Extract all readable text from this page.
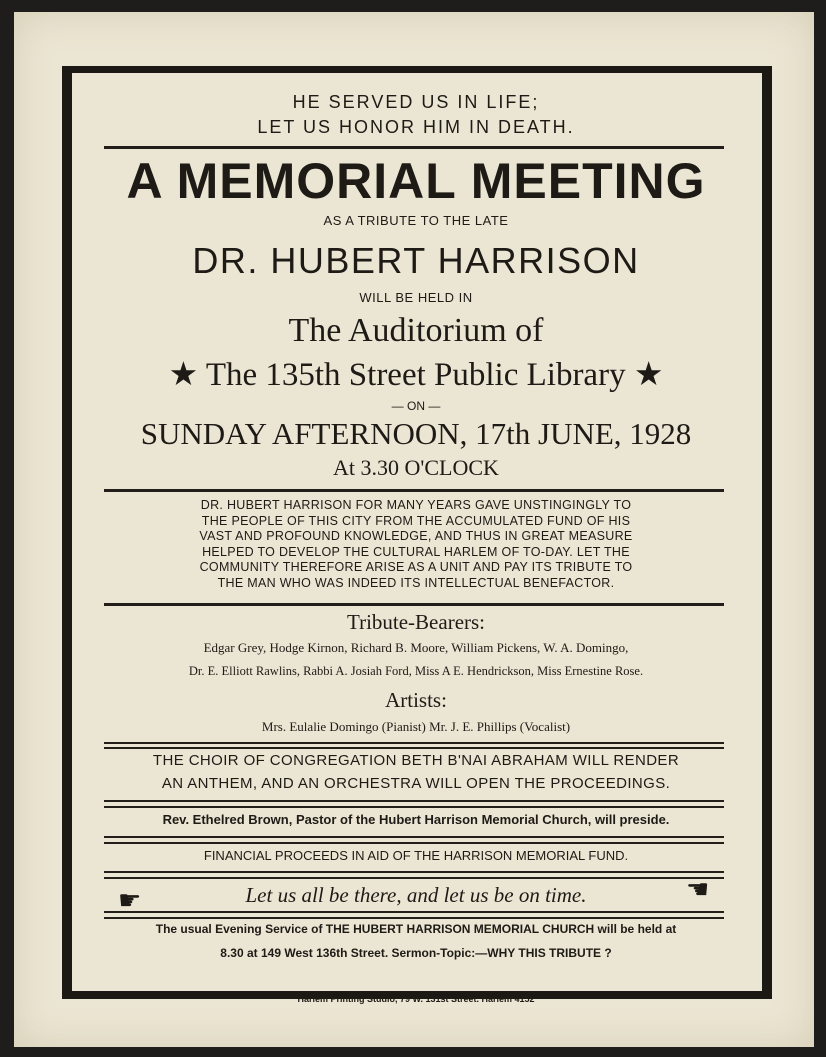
HE SERVED US IN LIFE;
LET US HONOR HIM IN DEATH.
A MEMORIAL MEETING
AS A TRIBUTE TO THE LATE
DR. HUBERT HARRISON
WILL BE HELD IN
The Auditorium of
★ The 135th Street Public Library ★
— ON —
SUNDAY AFTERNOON, 17th JUNE, 1928
At 3.30 O'CLOCK
DR. HUBERT HARRISON FOR MANY YEARS GAVE UNSTINGINGLY TO
THE PEOPLE OF THIS CITY FROM THE ACCUMULATED FUND OF HIS
VAST AND PROFOUND KNOWLEDGE, AND THUS IN GREAT MEASURE
HELPED TO DEVELOP THE CULTURAL HARLEM OF TO-DAY. LET THE
COMMUNITY THEREFORE ARISE AS A UNIT AND PAY ITS TRIBUTE TO
THE MAN WHO WAS INDEED ITS INTELLECTUAL BENEFACTOR.
Tribute-Bearers:
Edgar Grey, Hodge Kirnon, Richard B. Moore, William Pickens, W. A. Domingo,
Dr. E. Elliott Rawlins, Rabbi A. Josiah Ford, Miss A E. Hendrickson, Miss Ernestine Rose.
Artists:
Mrs. Eulalie Domingo (Pianist) Mr. J. E. Phillips (Vocalist)
THE CHOIR OF CONGREGATION BETH B'NAI ABRAHAM WILL RENDER
AN ANTHEM, AND AN ORCHESTRA WILL OPEN THE PROCEEDINGS.
Rev. Ethelred Brown, Pastor of the Hubert Harrison Memorial Church, will preside.
FINANCIAL PROCEEDS IN AID OF THE HARRISON MEMORIAL FUND.
☛	Let us all be there, and let us be on time.	☚
The usual Evening Service of THE HUBERT HARRISON MEMORIAL CHURCH will be held at
8.30 at 149 West 136th Street. Sermon-Topic:—WHY THIS TRIBUTE ?
Harlem Printing Studio, 79 W. 131st Street. Harlem 4152
